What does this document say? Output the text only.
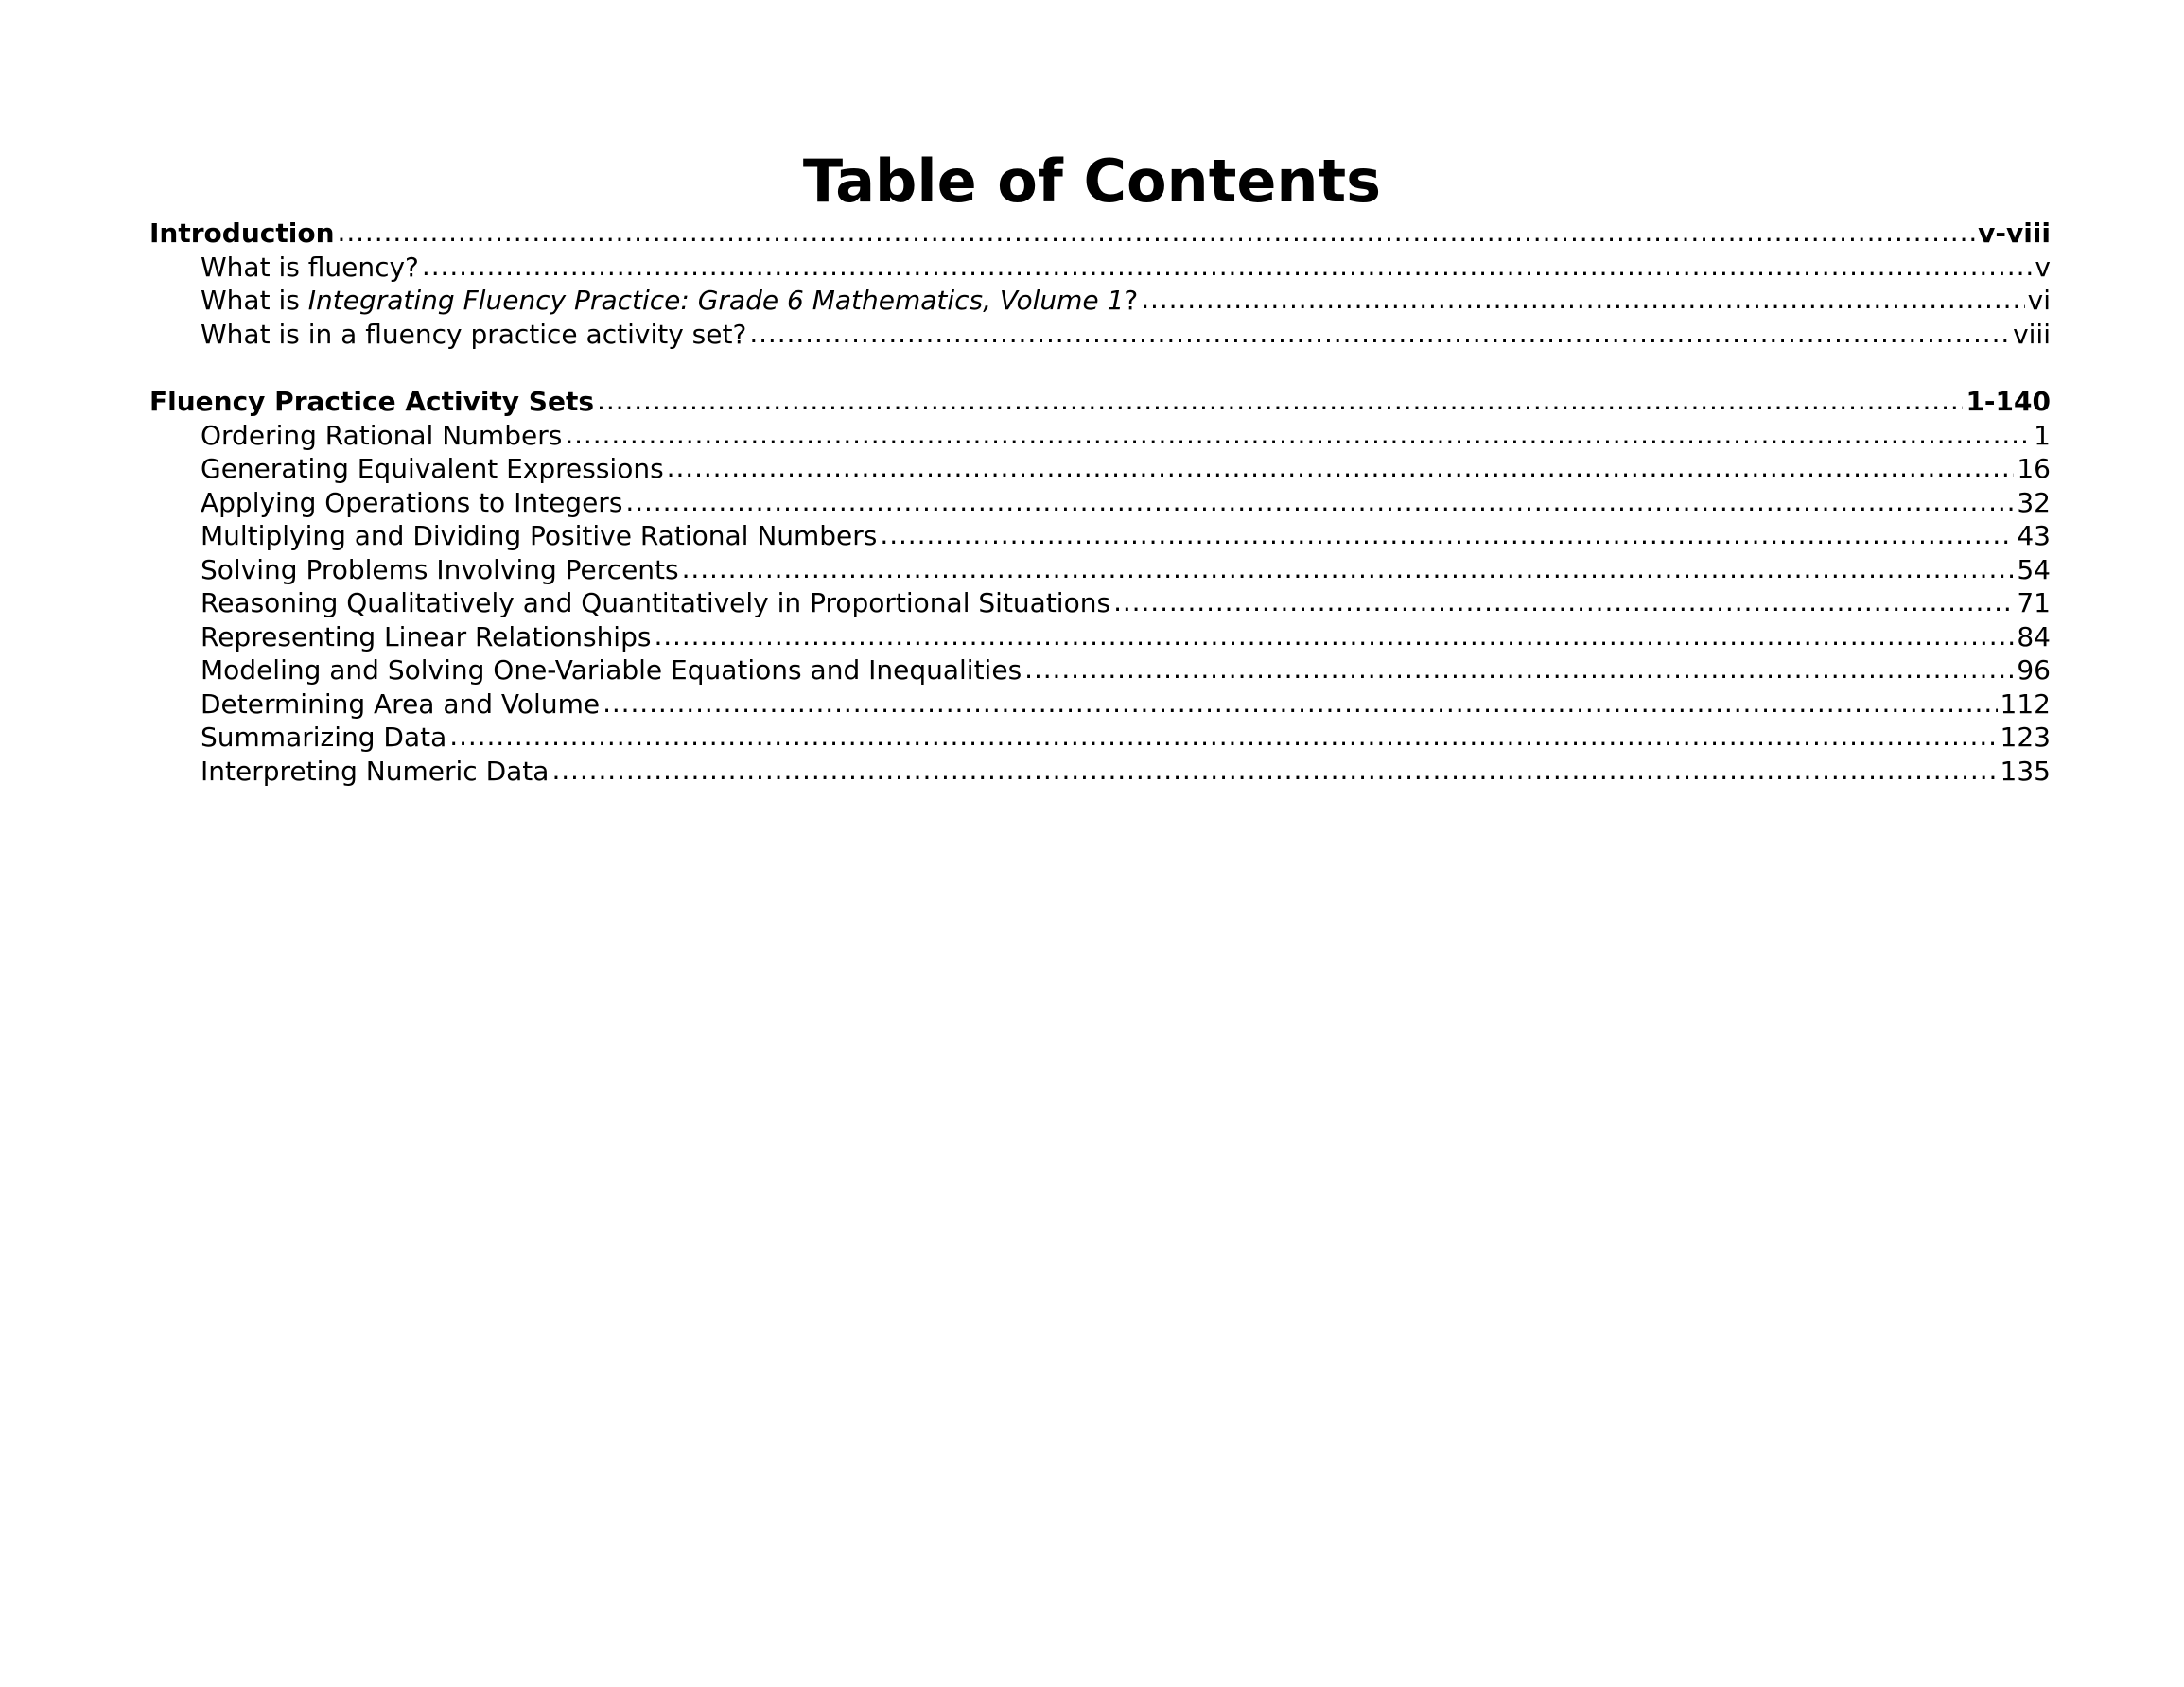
Table of Contents
Introduction .....	v-viii
What is fluency? .....	v
What is Integrating Fluency Practice: Grade 6 Mathematics, Volume 1? .....	vi
What is in a fluency practice activity set? .....	viii
Fluency Practice Activity Sets .....	1-140
Ordering Rational Numbers .....	1
Generating Equivalent Expressions .....	16
Applying Operations to Integers .....	32
Multiplying and Dividing Positive Rational Numbers .....	43
Solving Problems Involving Percents .....	54
Reasoning Qualitatively and Quantitatively in Proportional Situations .....	71
Representing Linear Relationships .....	84
Modeling and Solving One-Variable Equations and Inequalities .....	96
Determining Area and Volume .....	112
Summarizing Data .....	123
Interpreting Numeric Data .....	135
